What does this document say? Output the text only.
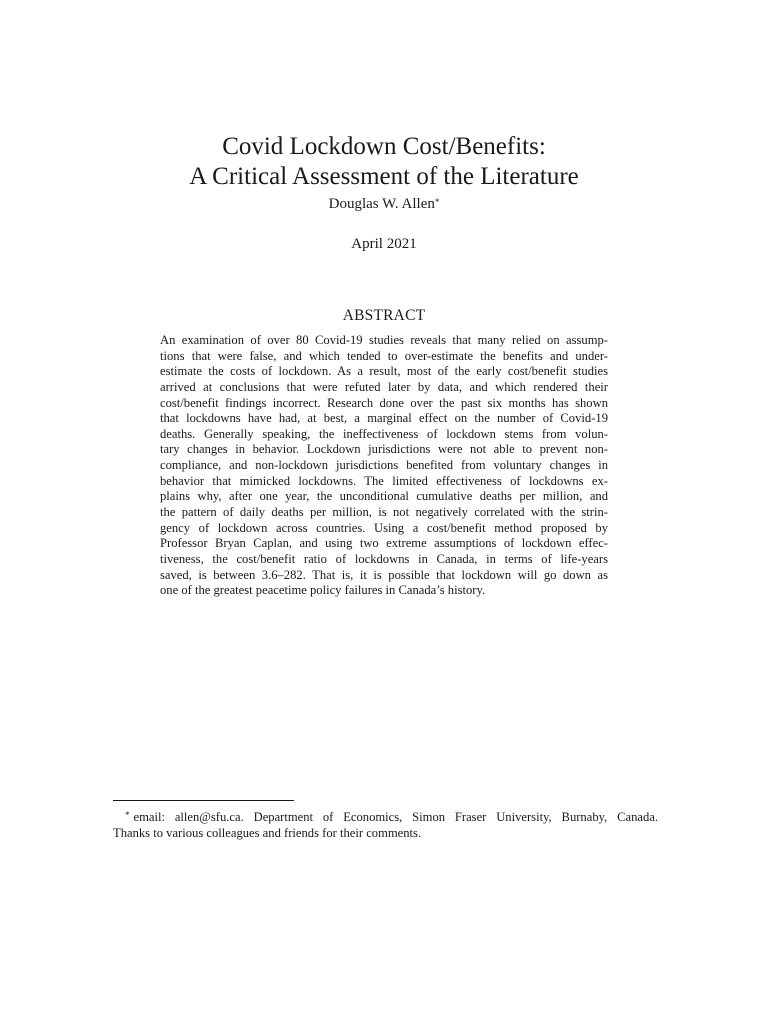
Covid Lockdown Cost/Benefits:
A Critical Assessment of the Literature
Douglas W. Allen*
April 2021
ABSTRACT
An examination of over 80 Covid-19 studies reveals that many relied on assump-
tions that were false, and which tended to over-estimate the benefits and under-
estimate the costs of lockdown. As a result, most of the early cost/benefit studies
arrived at conclusions that were refuted later by data, and which rendered their
cost/benefit findings incorrect. Research done over the past six months has shown
that lockdowns have had, at best, a marginal effect on the number of Covid-19
deaths. Generally speaking, the ineffectiveness of lockdown stems from volun-
tary changes in behavior. Lockdown jurisdictions were not able to prevent non-
compliance, and non-lockdown jurisdictions benefited from voluntary changes in
behavior that mimicked lockdowns. The limited effectiveness of lockdowns ex-
plains why, after one year, the unconditional cumulative deaths per million, and
the pattern of daily deaths per million, is not negatively correlated with the strin-
gency of lockdown across countries. Using a cost/benefit method proposed by
Professor Bryan Caplan, and using two extreme assumptions of lockdown effec-
tiveness, the cost/benefit ratio of lockdowns in Canada, in terms of life-years
saved, is between 3.6–282. That is, it is possible that lockdown will go down as
one of the greatest peacetime policy failures in Canada’s history.
* email: allen@sfu.ca. Department of Economics, Simon Fraser University, Burnaby, Canada.
Thanks to various colleagues and friends for their comments.
